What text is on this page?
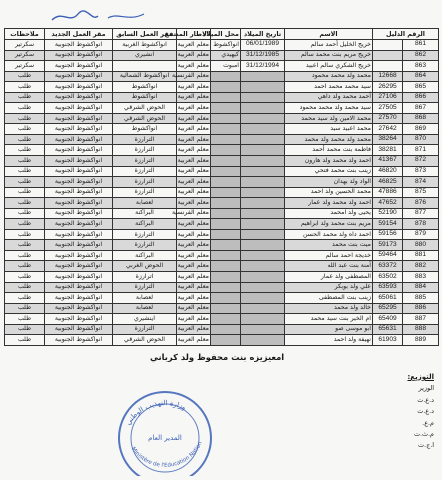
الرقم الدليل		الاسم	تاريخ الميلاد	محل الميلاد	الاطار المنتفع	مقر العمل السابق	مقر العمل الجديد	ملاحظات
861		خريج الخليل أحمد سالم	06/01/1989	انواكشوط	معلم العربية	انواكشوط الغربية	انواكشوط الجنوبية	سكرتير
862		خريج مريم بنت محمد سالم	31/12/1985	كيهيدي	معلم العربية	انشيري	انواكشوط الجنوبية	سكرتير
863		خريج الشكري سالم اعبيد	31/12/1994	امبوت	معلم العربية		انواكشوط الجنوبية	سكرتير
864	12668	محمد ولد محمد محمود			معلم الفرنسية	انواكشوط الشمالية	انواكشوط الجنوبية	طلب
865	26295	سيد محمد محمد احمد			معلم العربية	انواكشوط	انواكشوط الجنوبية	طلب
866	27106	أحمد محمد ولد داهي			معلم العربية	انواكشوط	انواكشوط الجنوبية	طلب
867	27505	سيد محمد ولد محمد محمود			معلم العربية	الحوض الشرقي	انواكشوط الجنوبية	طلب
868	27570	محمد الامين ولد سيد محمد			معلم العربية	الحوض الشرقي	انواكشوط الجنوبية	طلب
869	27642	محمد اعبيد سيد			معلم العربية	انواكشوط	انواكشوط الجنوبية	طلب
870	38264	محمد ولد محمد ولد محمد			معلم العربية	الترارزة	انواكشوط الجنوبية	طلب
871	38281	فاطمة بنت محمد أحمد			معلم العربية	الترارزة	انواكشوط الجنوبية	طلب
872	41367	احمد ولد محمد ولد هارون			معلم العربية	الترارزة	انواكشوط الجنوبية	طلب
873	46820	زينب بنت محمد فتحي			معلم العربية	الترارزة	انواكشوط الجنوبية	طلب
874	46825	الواد ولد بهدان			معلم العربية	الترارزة	انواكشوط الجنوبية	طلب
875	47886	محمد الحسين ولد احمد			معلم العربية	الترارزة	انواكشوط الجنوبية	طلب
876	47652	احمد ولد محمد ولد عمار			معلم العربية	لعصابة	انواكشوط الجنوبية	طلب
877	52190	يحيى ولد امحمد			معلم الفرنسية	البراكنة	انواكشوط الجنوبية	طلب
878	59154	مريم بنت محمد ولد ابراهيم			معلم العربية	البراكنة	انواكشوط الجنوبية	طلب
879	59156	احمد داه ولد محمد الحسن			معلم العربية	الترارزة	انواكشوط الجنوبية	طلب
880	59173	ميت بنت محمد			معلم العربية	الترارزة	انواكشوط الجنوبية	طلب
881	59464	خديجة احمد سالم			معلم العربية	البراكنة	انواكشوط الجنوبية	طلب
882	63372	آمنة بنت عبد الله			معلم العربية	الحوض الغربي	انواكشوط الجنوبية	طلب
883	63502	المصطفى ولد عمار			معلم العربية	اترارزة	انواكشوط الجنوبية	طلب
884	63593	علي ولد بوبكر			معلم العربية	الترارزة	انواكشوط الجنوبية	طلب
885	65061	زينب بنت المصطفى			معلم العربية	لعصابة	انواكشوط الجنوبية	طلب
886	65295	خالد ولد محمد			معلم العربية	لعصابة	انواكشوط الجنوبية	طلب
887	65409	ام الخير بنت سيد محمد			معلم العربية	اينشيري	انواكشوط الجنوبية	طلب
888	65631	ابو موسى صو			معلم العربية	الترارزة	انواكشوط الجنوبية	طلب
889	61903	نهيفة ولد احمد			معلم العربية	الحوض الشرقي	انواكشوط الجنوبية	طلب
امعيزيزه بنت محفوظ ولد كرباني
التوزيع:
الوزير
د.ع.ت
د.ع.ت
م.ع.
م.ث.ت
ا.ج.ت
وزارة التهذيب الوطني
Ministère de l'Education Nation
المدير العام
